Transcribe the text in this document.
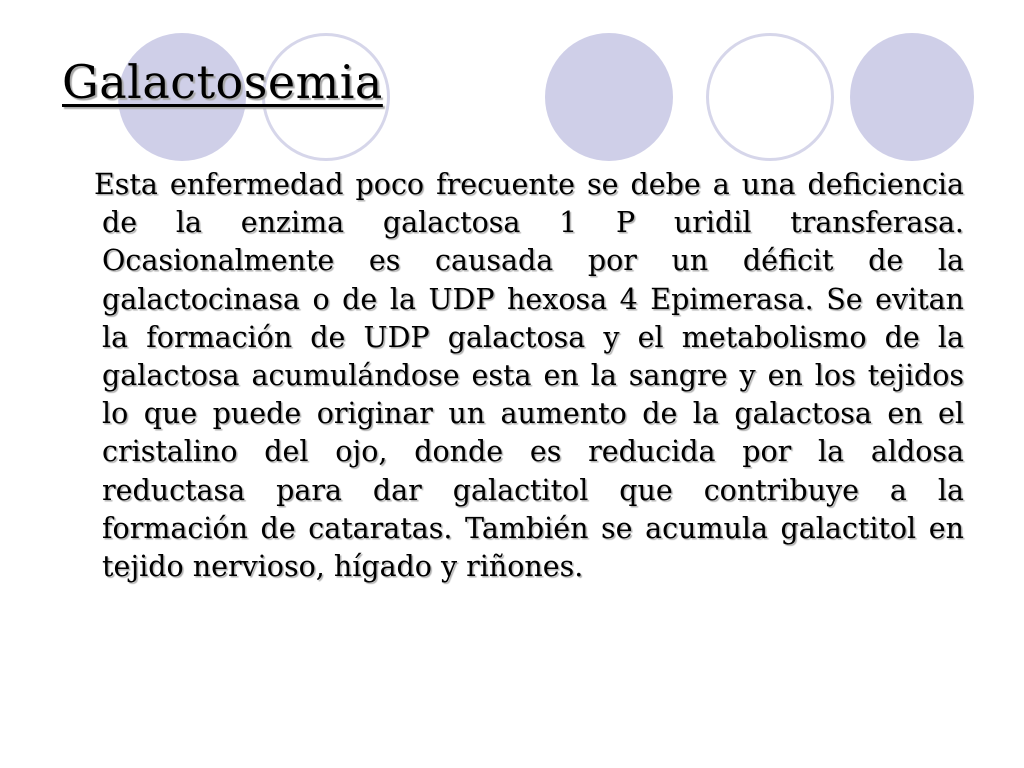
Galactosemia

Esta enfermedad poco frecuente se debe a una deficiencia de la enzima galactosa 1 P uridil transferasa. Ocasionalmente es causada por un déficit de la galactocinasa o de la UDP hexosa 4 Epimerasa. Se evitan la formación de UDP galactosa y el metabolismo de la galactosa acumulándose esta en la sangre y en los tejidos lo que puede originar un aumento de la galactosa en el cristalino del ojo, donde es reducida por la aldosa reductasa para dar galactitol que contribuye a la formación de cataratas. También se acumula galactitol en tejido nervioso, hígado y riñones.
